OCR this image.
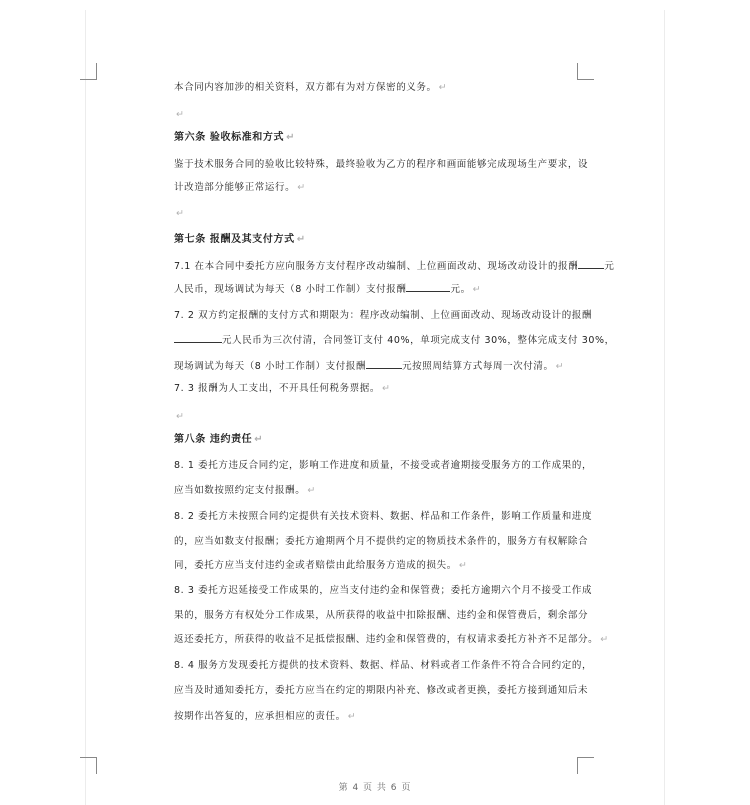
本合同内容加涉的相关资料，双方都有为对方保密的义务。 ↵
↵
第六条 验收标准和方式 ↵
鉴于技术服务合同的验收比较特殊，最终验收为乙方的程序和画面能够完成现场生产要求，设
计改造部分能够正常运行。 ↵
↵
第七条 报酬及其支付方式 ↵
7.1 在本合同中委托方应向服务方支付程序改动编制、上位画面改动、现场改动设计的报酬	元
人民币，现场调试为每天（8 小时工作制）支付报酬	元。 ↵
7. 2 双方约定报酬的支付方式和期限为：程序改动编制、上位画面改动、现场改动设计的报酬
元人民币为三次付清，合同签订支付 40%，单项完成支付 30%，整体完成支付 30%，
现场调试为每天（8 小时工作制）支付报酬	元按照周结算方式每周一次付清。 ↵
7. 3 报酬为人工支出，不开具任何税务票据。 ↵
↵
第八条 违约责任 ↵
8. 1 委托方违反合同约定，影响工作进度和质量，不接受或者逾期接受服务方的工作成果的，
应当如数按照约定支付报酬。 ↵
8. 2 委托方未按照合同约定提供有关技术资料、数据、样品和工作条件，影响工作质量和进度
的，应当如数支付报酬；委托方逾期两个月不提供约定的物质技术条件的，服务方有权解除合
同，委托方应当支付违约金或者赔偿由此给服务方造成的损失。 ↵
8. 3 委托方迟延接受工作成果的，应当支付违约金和保管费；委托方逾期六个月不接受工作成
果的，服务方有权处分工作成果，从所获得的收益中扣除报酬、违约金和保管费后，剩余部分
返还委托方，所获得的收益不足抵偿报酬、违约金和保管费的，有权请求委托方补齐不足部分。 ↵
8. 4 服务方发现委托方提供的技术资料、数据、样品、材料或者工作条件不符合合同约定的，
应当及时通知委托方，委托方应当在约定的期限内补充、修改或者更换，委托方接到通知后未
按期作出答复的，应承担相应的责任。 ↵
第 4 页 共 6 页
